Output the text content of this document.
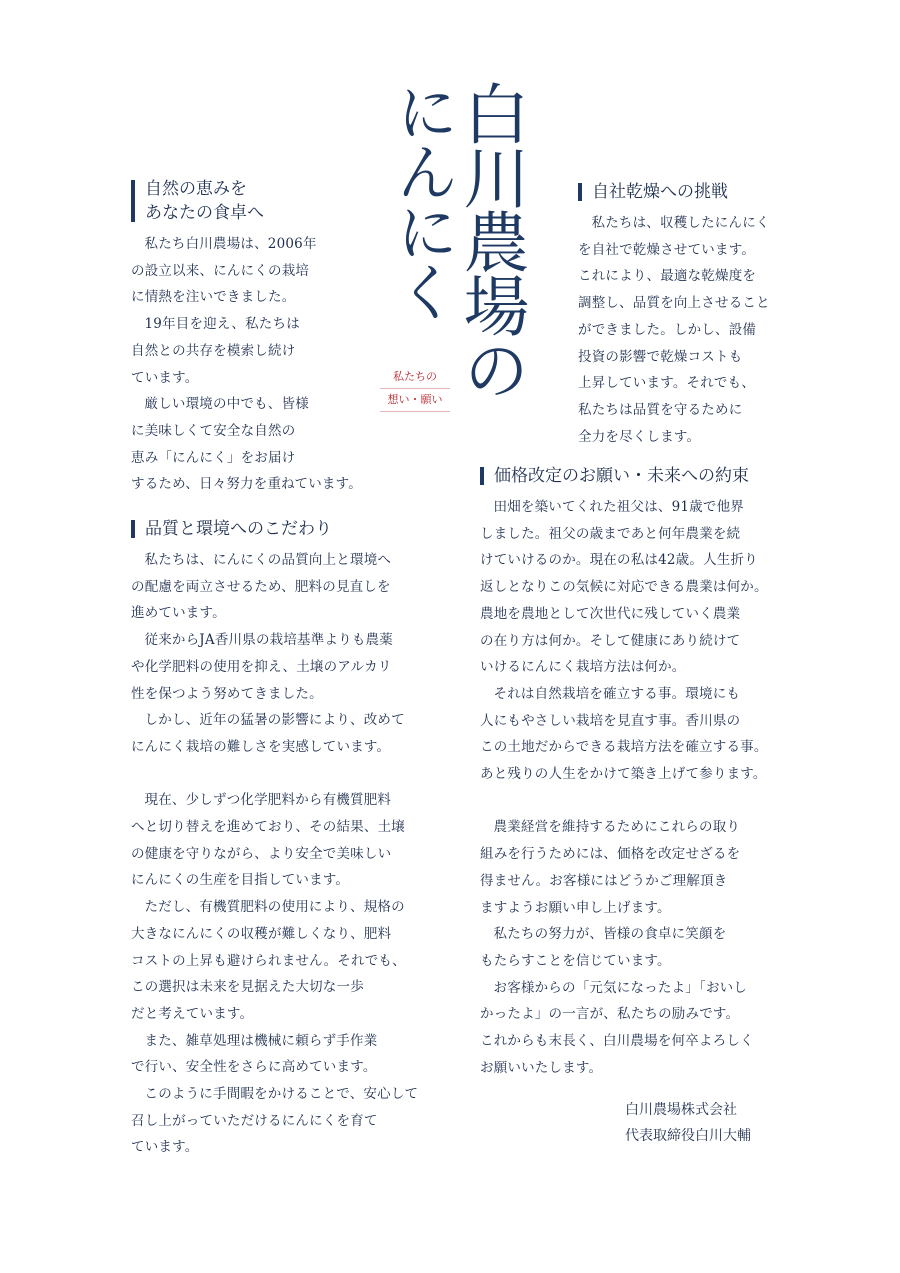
白川農場の
にんにく
私たちの
想い・願い
自然の恵みを
あなたの食卓へ

私たち白川農場は、2006年
の設立以来、にんにくの栽培
に情熱を注いできました。

19年目を迎え、私たちは
自然との共存を模索し続け
ています。

厳しい環境の中でも、皆様
に美味しくて安全な自然の
恵み「にんにく」をお届け
するため、日々努力を重ねています。

品質と環境へのこだわり

私たちは、にんにくの品質向上と環境へ
の配慮を両立させるため、肥料の見直しを
進めています。

従来からJA香川県の栽培基準よりも農薬
や化学肥料の使用を抑え、土壌のアルカリ
性を保つよう努めてきました。

しかし、近年の猛暑の影響により、改めて
にんにく栽培の難しさを実感しています。

現在、少しずつ化学肥料から有機質肥料
へと切り替えを進めており、その結果、土壌
の健康を守りながら、より安全で美味しい
にんにくの生産を目指しています。

ただし、有機質肥料の使用により、規格の
大きなにんにくの収穫が難しくなり、肥料
コストの上昇も避けられません。それでも、
この選択は未来を見据えた大切な一歩
だと考えています。

また、雑草処理は機械に頼らず手作業
で行い、安全性をさらに高めています。

このように手間暇をかけることで、安心して
召し上がっていただけるにんにくを育て
ています。

自社乾燥への挑戦

私たちは、収穫したにんにく
を自社で乾燥させています。
これにより、最適な乾燥度を
調整し、品質を向上させること
ができました。しかし、設備
投資の影響で乾燥コストも
上昇しています。それでも、
私たちは品質を守るために
全力を尽くします。

価格改定のお願い・未来への約束

田畑を築いてくれた祖父は、91歳で他界
しました。祖父の歳まであと何年農業を続
けていけるのか。現在の私は42歳。人生折り
返しとなりこの気候に対応できる農業は何か。
農地を農地として次世代に残していく農業
の在り方は何か。そして健康にあり続けて
いけるにんにく栽培方法は何か。

それは自然栽培を確立する事。環境にも
人にもやさしい栽培を見直す事。香川県の
この土地だからできる栽培方法を確立する事。
あと残りの人生をかけて築き上げて参ります。

農業経営を維持するためにこれらの取り
組みを行うためには、価格を改定せざるを
得ません。お客様にはどうかご理解頂き
ますようお願い申し上げます。

私たちの努力が、皆様の食卓に笑顔を
もたらすことを信じています。

お客様からの「元気になったよ」「おいし
かったよ」の一言が、私たちの励みです。
これからも末長く、白川農場を何卒よろしく
お願いいたします。

白川農場株式会社
代表取締役白川大輔
